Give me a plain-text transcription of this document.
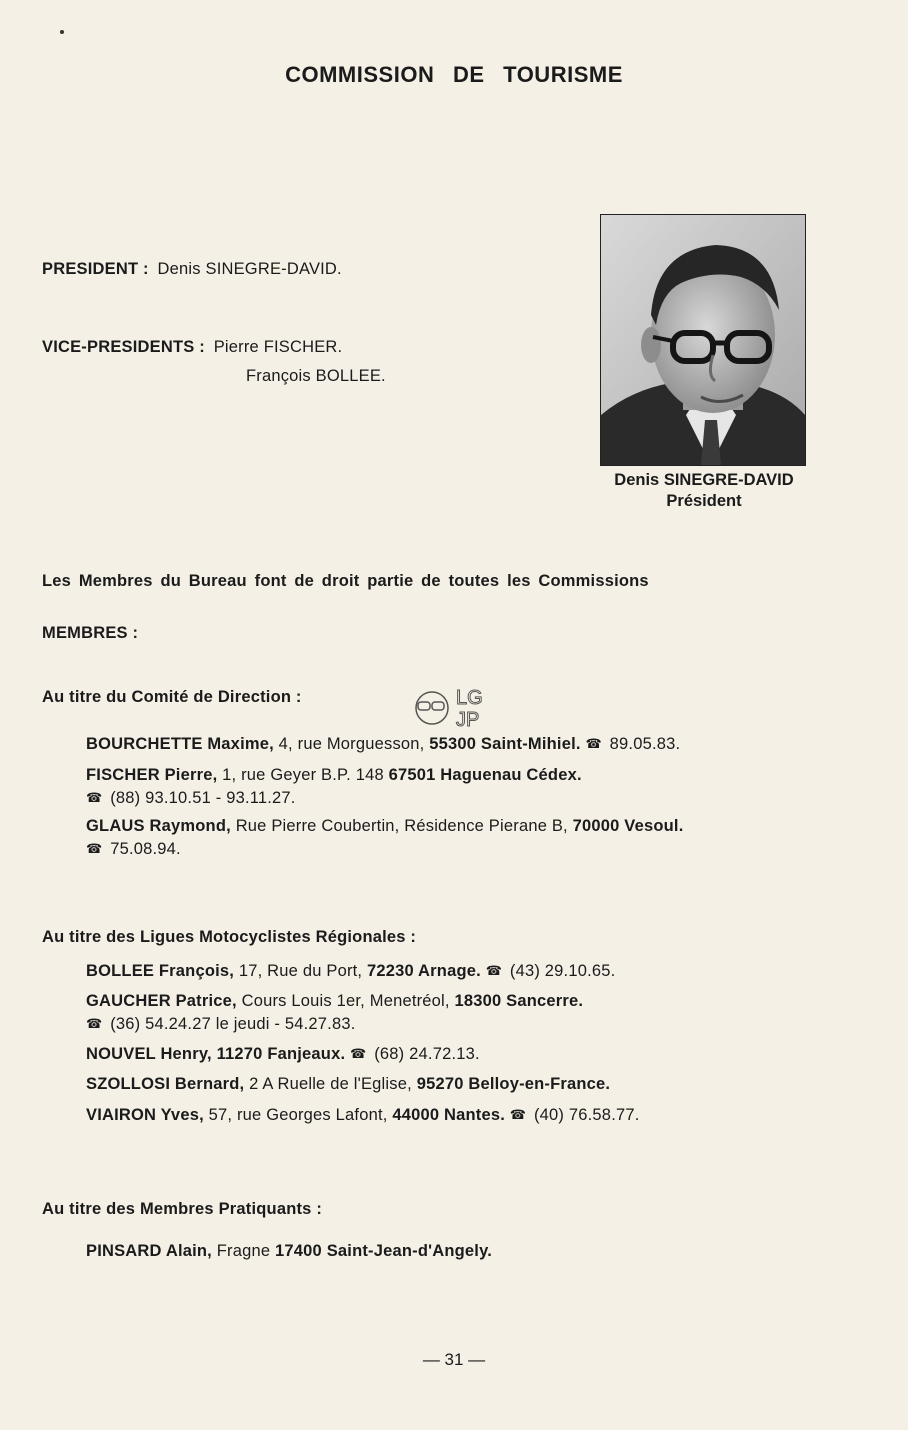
COMMISSION DE TOURISME
PRESIDENT : Denis SINEGRE-DAVID.
VICE-PRESIDENTS : Pierre FISCHER.
François BOLLEE.
Denis SINEGRE-DAVID
Président
Les Membres du Bureau font de droit partie de toutes les Commissions
MEMBRES :
Au titre du Comité de Direction :	LG
JP
BOURCHETTE Maxime, 4, rue Morguesson, 55300 Saint-Mihiel. ☎ 89.05.83.
FISCHER Pierre, 1, rue Geyer B.P. 148 67501 Haguenau Cédex.
☎ (88) 93.10.51 - 93.11.27.
GLAUS Raymond, Rue Pierre Coubertin, Résidence Pierane B, 70000 Vesoul.
☎ 75.08.94.
Au titre des Ligues Motocyclistes Régionales :
BOLLEE François, 17, Rue du Port, 72230 Arnage. ☎ (43) 29.10.65.
GAUCHER Patrice, Cours Louis 1er, Menetréol, 18300 Sancerre.
☎ (36) 54.24.27 le jeudi - 54.27.83.
NOUVEL Henry, 11270 Fanjeaux. ☎ (68) 24.72.13.
SZOLLOSI Bernard, 2 A Ruelle de l'Eglise, 95270 Belloy-en-France.
VIAIRON Yves, 57, rue Georges Lafont, 44000 Nantes. ☎ (40) 76.58.77.
Au titre des Membres Pratiquants :
PINSARD Alain, Fragne 17400 Saint-Jean-d'Angely.
— 31 —
